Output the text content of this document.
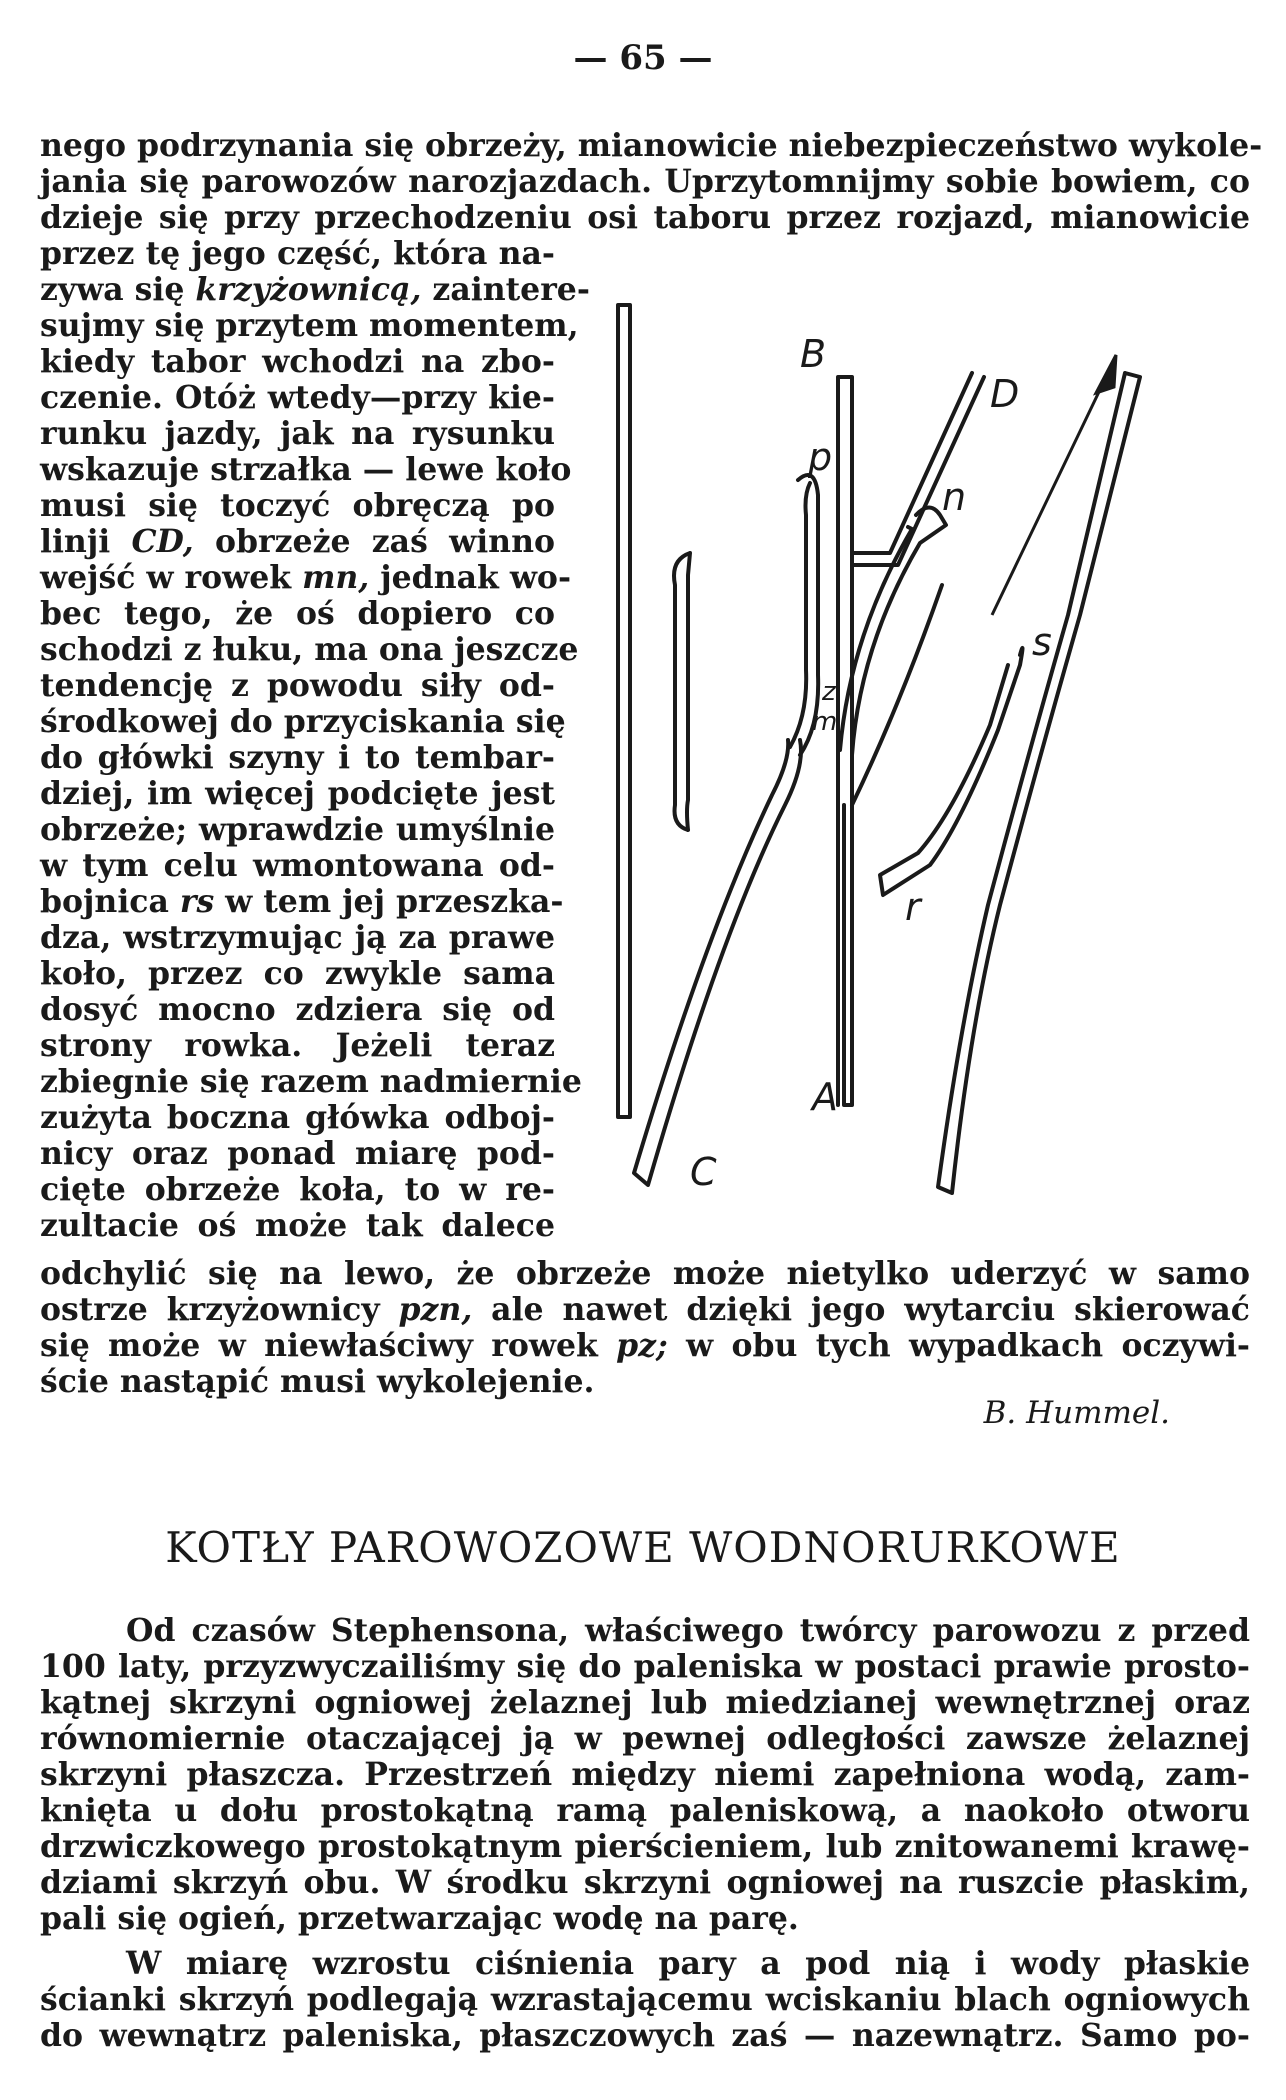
— 65 —
nego podrzynania się obrzeży, mianowicie niebezpieczeństwo wykole-
jania się parowozów narozjazdach. Uprzytomnijmy sobie bowiem, co
dzieje się przy przechodzeniu osi taboru przez rozjazd, mianowicie
przez tę jego część, która na-
zywa się krzyżownicą, zaintere-
sujmy się przytem momentem,
kiedy tabor wchodzi na zbo-
czenie. Otóż wtedy—przy kie-
runku jazdy, jak na rysunku
wskazuje strzałka — lewe koło
musi się toczyć obręczą po
linji CD, obrzeże zaś winno
wejść w rowek mn, jednak wo-
bec tego, że oś dopiero co
schodzi z łuku, ma ona jeszcze
tendencję z powodu siły od-
środkowej do przyciskania się
do główki szyny i to tembar-
dziej, im więcej podcięte jest
obrzeże; wprawdzie umyślnie
w tym celu wmontowana od-
bojnica rs w tem jej przeszka-
dza, wstrzymując ją za prawe
koło, przez co zwykle sama
dosyć mocno zdziera się od
strony rowka. Jeżeli teraz
zbiegnie się razem nadmiernie
zużyta boczna główka odboj-
nicy oraz ponad miarę pod-
cięte obrzeże koła, to w re-
zultacie oś może tak dalece
odchylić się na lewo, że obrzeże może nietylko uderzyć w samo
ostrze krzyżownicy pzn, ale nawet dzięki jego wytarciu skierować
się może w niewłaściwy rowek pz; w obu tych wypadkach oczywi-
ście nastąpić musi wykolejenie.
B. Hummel.
B
D
p
n
s
z
m
r
A
C
KOTŁY PAROWOZOWE WODNORURKOWE
Od czasów Stephensona, właściwego twórcy parowozu z przed
100 laty, przyzwyczailiśmy się do paleniska w postaci prawie prosto-
kątnej skrzyni ogniowej żelaznej lub miedzianej wewnętrznej oraz
równomiernie otaczającej ją w pewnej odległości zawsze żelaznej
skrzyni płaszcza. Przestrzeń między niemi zapełniona wodą, zam-
knięta u dołu prostokątną ramą paleniskową, a naokoło otworu
drzwiczkowego prostokątnym pierścieniem, lub znitowanemi krawę-
dziami skrzyń obu. W środku skrzyni ogniowej na ruszcie płaskim,
pali się ogień, przetwarzając wodę na parę.
W miarę wzrostu ciśnienia pary a pod nią i wody płaskie
ścianki skrzyń podlegają wzrastającemu wciskaniu blach ogniowych
do wewnątrz paleniska, płaszczowych zaś — nazewnątrz. Samo po-
